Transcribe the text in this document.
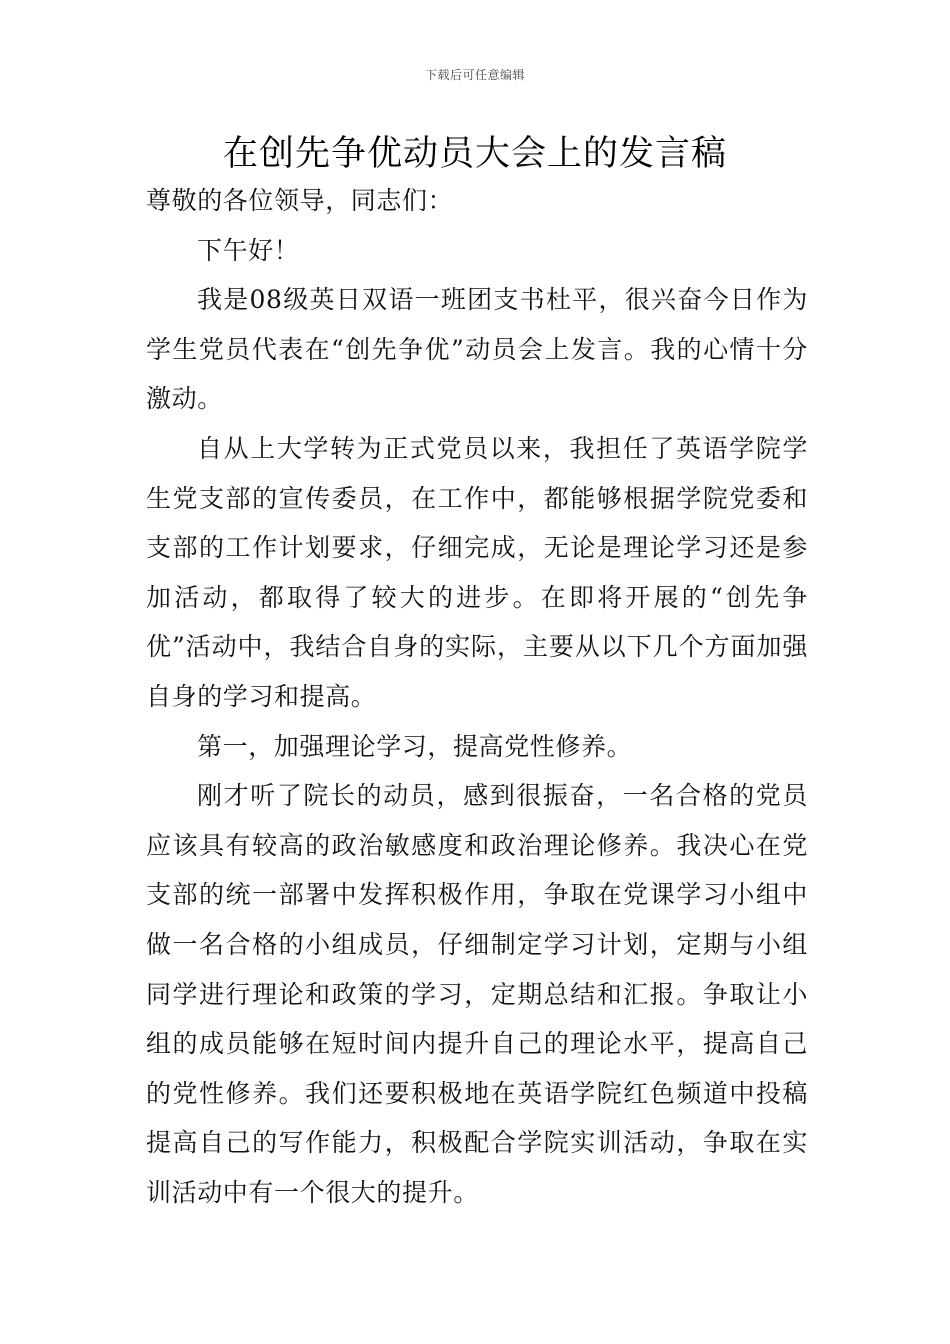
下载后可任意编辑
在创先争优动员大会上的发言稿

尊敬的各位领导，同志们：

下午好！

我是08级英日双语一班团支书杜平，很兴奋今日作为学生党员代表在“创先争优”动员会上发言。我的心情十分激动。

自从上大学转为正式党员以来，我担任了英语学院学生党支部的宣传委员，在工作中，都能够根据学院党委和支部的工作计划要求，仔细完成，无论是理论学习还是参加活动，都取得了较大的进步。在即将开展的“创先争优”活动中，我结合自身的实际，主要从以下几个方面加强自身的学习和提高。

第一，加强理论学习，提高党性修养。

刚才听了院长的动员，感到很振奋，一名合格的党员应该具有较高的政治敏感度和政治理论修养。我决心在党支部的统一部署中发挥积极作用，争取在党课学习小组中做一名合格的小组成员，仔细制定学习计划，定期与小组同学进行理论和政策的学习，定期总结和汇报。争取让小组的成员能够在短时间内提升自己的理论水平，提高自己的党性修养。我们还要积极地在英语学院红色频道中投稿提高自己的写作能力，积极配合学院实训活动，争取在实训活动中有一个很大的提升。
